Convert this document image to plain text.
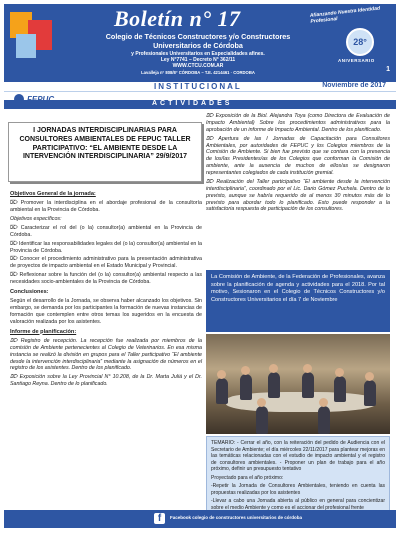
Boletín n° 17
Colegio de Técnicos Constructores y/o Constructores
Universitarios de Córdoba
y Profesionales Universitarios en Especialidades afines.
Ley N°7741 – Decreto N° 362/11
WWW.CTCU.COM.AR
Lavalleja n° 808/8° CÓRDOBA – T.E. 4214461 · CORDOBA
Afianzando Nuestra Identidad Profesional
28°
ANIVERSARIO
1
INSTITUCIONAL	Noviembre de 2017
ACTIVIDADES
FEPUC
I JORNADAS INTERDISCIPLINARIAS PARA CONSULTORES AMBIENTALES DE FEPUC TALLER PARTICIPATIVO: “EL AMBIENTE DESDE LA INTERVENCIÓN INTERDISCIPLINARIA” 29/9/2017
Objetivos General de la jornada:

⌦ Promover la interdisciplina en el abordaje profesional de la consultoría ambiental en la Provincia de Córdoba.

Objetivos específicos:

⌦ Caracterizar el rol del (o la) consultor(a) ambiental en la Provincia de Córdoba.

⌦ Identificar las responsabilidades legales del (o la) consultor(a) ambiental en la Provincia de Córdoba.

⌦ Conocer el procedimiento administrativo para la presentación administrativa de proyectos de impacto ambiental en el Estado Municipal y Provincial.

⌦ Reflexionar sobre la función del (o la) consultor(a) ambiental respecto a las necesidades socio-ambientales de la Provincia de Córdoba.

Conclusiones:

Según el desarrollo de la Jornada, se observa haber alcanzado los objetivos. Sin embargo, se demanda por los participantes la formación de nuevas instancias de formación que contemplen entre otros temas los sugeridos en la encuesta de valoración realizada por los asistentes.

Informe de planificación:

⌦ Registro de recepción. La recepción fue realizada por miembros de la comisión de Ambiente pertenecientes al Colegio de Veterinarios. En esa misma instancia se realizó la división en grupos para el Taller participativo “El ambiente desde la intervención interdisciplinaria” mediante la asignación de números en el registro de los asistentes. Dentro de los planificado.

⌦ Exposición sobre la Ley Provincial N° 10.208, de la Dr. Marta Juliá y el Dr. Santiago Reyna. Dentro de lo planificado.

⌦ Exposición de la Biol. Alejandra Toya (como Directora de Evaluación de Impacto Ambiental) Sobre los procedimientos administrativos para la aprobación de un informe de Impacto Ambiental. Dentro de los planificado.

⌦ Apertura de las I Jornadas de Capacitación para Consultores Ambientales, por autoridades de FEPUC y los Colegios miembros de la Comisión de Ambiente. Si bien fue previsto que se contara con la presencia de los/las Presidentes/as de los Colegios que conforman la Comisión de ambiente, ante la ausencia de muchos de ellos/as se designaron representantes colegiados de cada institución gremial.

⌦ Realización del Taller participativo “El ambiente desde la intervención interdisciplinaria”, coordinado por el Lic. Dario Gómez Puchela. Dentro de lo previsto, aunque se habría requerido de al menos 30 minutos más de lo previsto para abordar todo lo planificado. Esto puede responder a la satisfactoria respuesta de participación de los consultores.

La Comisión de Ambiente, de la Federación de Profesionales, avanza sobre la planificación de agenda y actividades para el 2018. Por tal motivo, Sesionaron en el Colegio de Técnicos Constructores y/o Constructores Universitarios el día 7 de Noviembre

TEMARIO: - Cerrar el año, con la reiteración del pedido de Audiencia con el Secretario de Ambiente; el día miércoles 22/11/2017 para plantear mejoras en las temáticas relacionadas con el estudio de impacto ambiental y el registro de consultores ambientales. - Proponer un plan de trabajo para el año próximo, definir un presupuesto tentativo

Proyectado para el año próximo:

-Repetir la Jornada de Consultores Ambientales, teniendo en cuenta las propuestas realizadas por los asistentes

-Llevar a cabo una Jornada abierta al público en general para concientizar sobre el medio Ambiente y como es el accionar del profesional frente

f	Facebook colegio de constructores universitarios de córdoba
